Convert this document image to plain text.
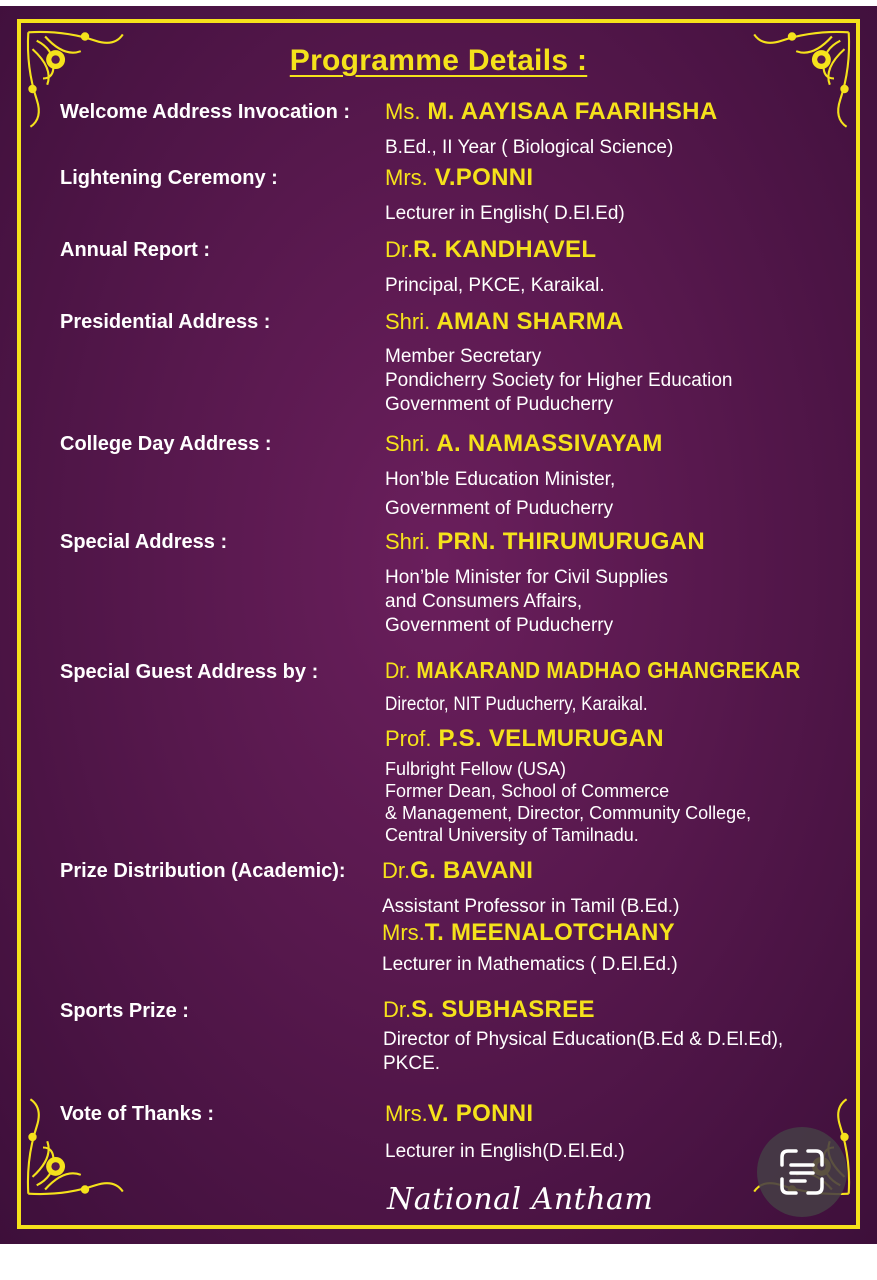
Programme Details :
Welcome Address Invocation : Ms. M. AAYISAA FAARIHSHA
B.Ed., II Year ( Biological Science)
Lightening Ceremony :	Mrs. V.PONNI
Lecturer in English( D.El.Ed)
Annual Report :	Dr.R. KANDHAVEL
Principal, PKCE, Karaikal.
Presidential Address :	Shri. AMAN SHARMA
Member Secretary
Pondicherry Society for Higher Education
Government of Puducherry
College Day Address :	Shri. A. NAMASSIVAYAM
Hon’ble Education Minister,
Government of Puducherry
Special Address :	Shri. PRN. THIRUMURUGAN
Hon’ble Minister for Civil Supplies
and Consumers Affairs,
Government of Puducherry
Special Guest Address by :	Dr. MAKARAND MADHAO GHANGREKAR
Director, NIT Puducherry, Karaikal.
Prof. P.S. VELMURUGAN
Fulbright Fellow (USA)
Former Dean, School of Commerce
& Management, Director, Community College,
Central University of Tamilnadu.
Prize Distribution (Academic): Dr.G. BAVANI
Assistant Professor in Tamil (B.Ed.)
Mrs.T. MEENALOTCHANY
Lecturer in Mathematics ( D.El.Ed.)
Sports Prize :	Dr.S. SUBHASREE
Director of Physical Education(B.Ed & D.El.Ed),
PKCE.
Vote of Thanks :	Mrs.V. PONNI
Lecturer in English(D.El.Ed.)
National Antham
